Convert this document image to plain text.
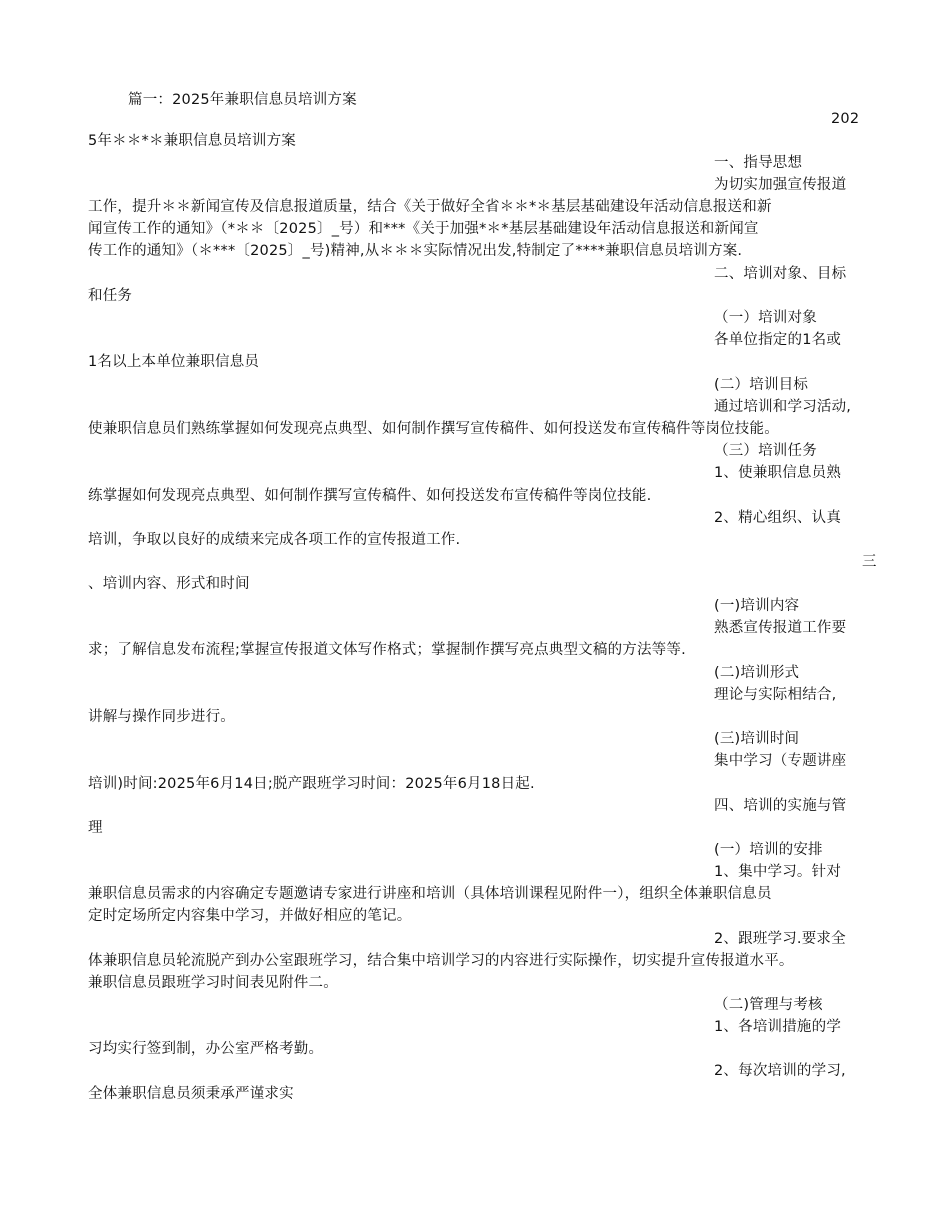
篇一：2025年兼职信息员培训方案
202
5年＊＊*＊兼职信息员培训方案
一、指导思想
为切实加强宣传报道
工作，提升＊＊新闻宣传及信息报道质量，结合《关于做好全省＊＊*＊基层基础建设年活动信息报送和新
闻宣传工作的通知》（*＊＊〔2025〕_号）和***《关于加强*＊*基层基础建设年活动信息报送和新闻宣
传工作的通知》（＊***〔2025〕_号)精神,从＊＊＊实际情况出发,特制定了****兼职信息员培训方案.
二、培训对象、目标
和任务
（一）培训对象
各单位指定的1名或
1名以上本单位兼职信息员
(二）培训目标
通过培训和学习活动,
使兼职信息员们熟练掌握如何发现亮点典型、如何制作撰写宣传稿件、如何投送发布宣传稿件等岗位技能。
（三）培训任务
1、使兼职信息员熟
练掌握如何发现亮点典型、如何制作撰写宣传稿件、如何投送发布宣传稿件等岗位技能.
2、精心组织、认真
培训，争取以良好的成绩来完成各项工作的宣传报道工作.
三
、培训内容、形式和时间
(一)培训内容
熟悉宣传报道工作要
求；了解信息发布流程;掌握宣传报道文体写作格式；掌握制作撰写亮点典型文稿的方法等等.
(二)培训形式
理论与实际相结合,
讲解与操作同步进行。
(三)培训时间
集中学习（专题讲座
培训)时间:2025年6月14日;脱产跟班学习时间：2025年6月18日起.
四、培训的实施与管
理
(一）培训的安排
1、集中学习。针对
兼职信息员需求的内容确定专题邀请专家进行讲座和培训（具体培训课程见附件一），组织全体兼职信息员
定时定场所定内容集中学习，并做好相应的笔记。
2、跟班学习.要求全
体兼职信息员轮流脱产到办公室跟班学习，结合集中培训学习的内容进行实际操作，切实提升宣传报道水平。
兼职信息员跟班学习时间表见附件二。
（二)管理与考核
1、各培训措施的学
习均实行签到制，办公室严格考勤。
2、每次培训的学习,
全体兼职信息员须秉承严谨求实
